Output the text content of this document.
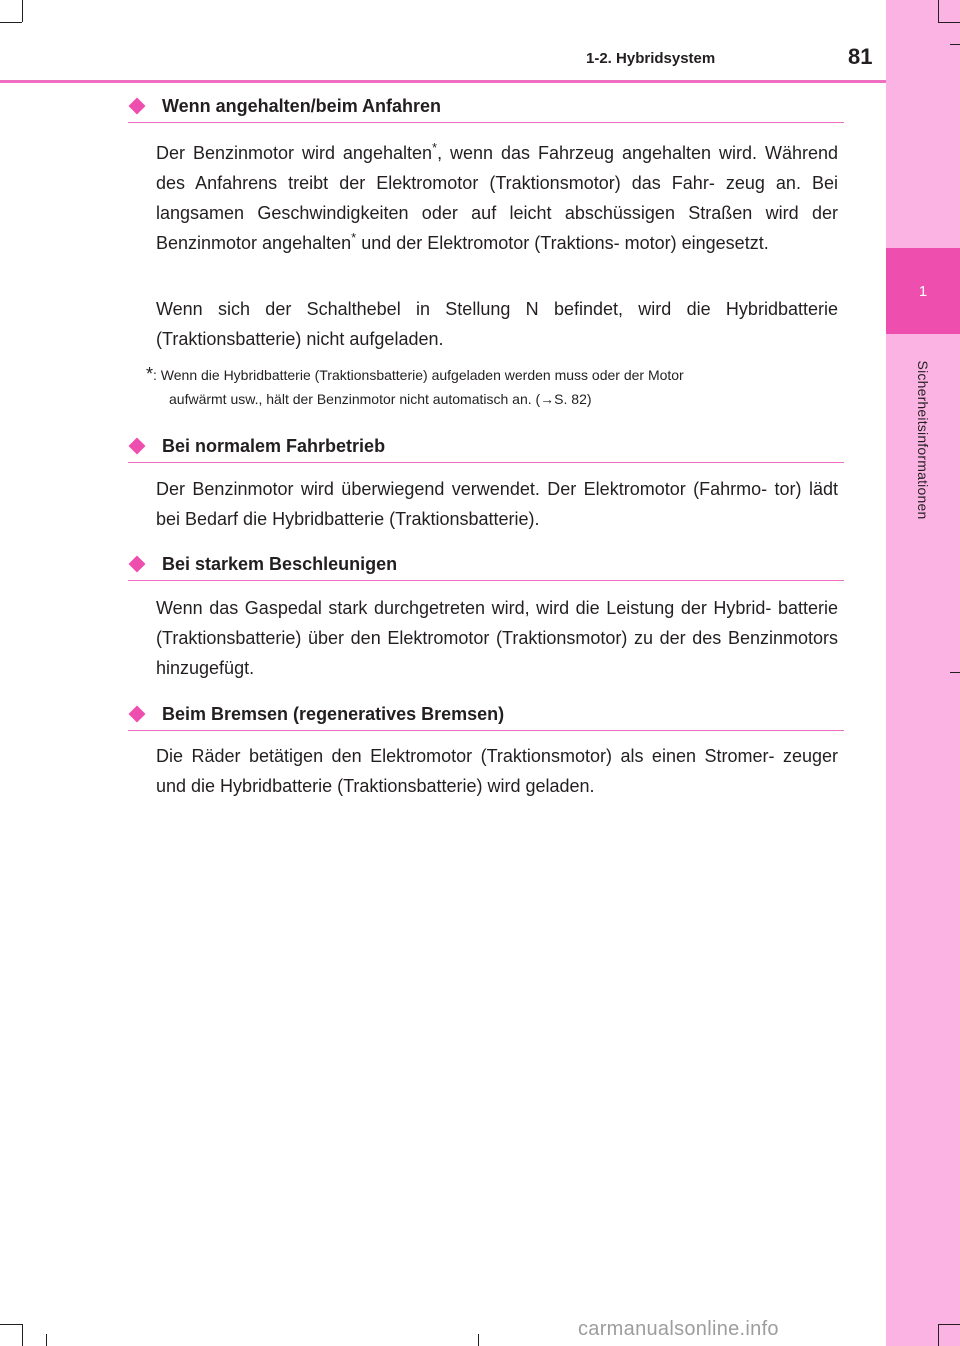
1
Sicherheitsinformationen
1-2. Hybridsystem	81
Wenn angehalten/beim Anfahren

Der Benzinmotor wird angehalten*, wenn das Fahrzeug angehalten wird. Während des Anfahrens treibt der Elektromotor (Traktionsmotor) das Fahr- zeug an. Bei langsamen Geschwindigkeiten oder auf leicht abschüssigen Straßen wird der Benzinmotor angehalten* und der Elektromotor (Traktions- motor) eingesetzt.

Wenn sich der Schalthebel in Stellung N befindet, wird die Hybridbatterie (Traktionsbatterie) nicht aufgeladen.

*: Wenn die Hybridbatterie (Traktionsbatterie) aufgeladen werden muss oder der Motor
aufwärmt usw., hält der Benzinmotor nicht automatisch an. (→S. 82)

Bei normalem Fahrbetrieb

Der Benzinmotor wird überwiegend verwendet. Der Elektromotor (Fahrmo- tor) lädt bei Bedarf die Hybridbatterie (Traktionsbatterie).

Bei starkem Beschleunigen

Wenn das Gaspedal stark durchgetreten wird, wird die Leistung der Hybrid- batterie (Traktionsbatterie) über den Elektromotor (Traktionsmotor) zu der des Benzinmotors hinzugefügt.

Beim Bremsen (regeneratives Bremsen)

Die Räder betätigen den Elektromotor (Traktionsmotor) als einen Stromer- zeuger und die Hybridbatterie (Traktionsbatterie) wird geladen.

carmanualsonline.info
